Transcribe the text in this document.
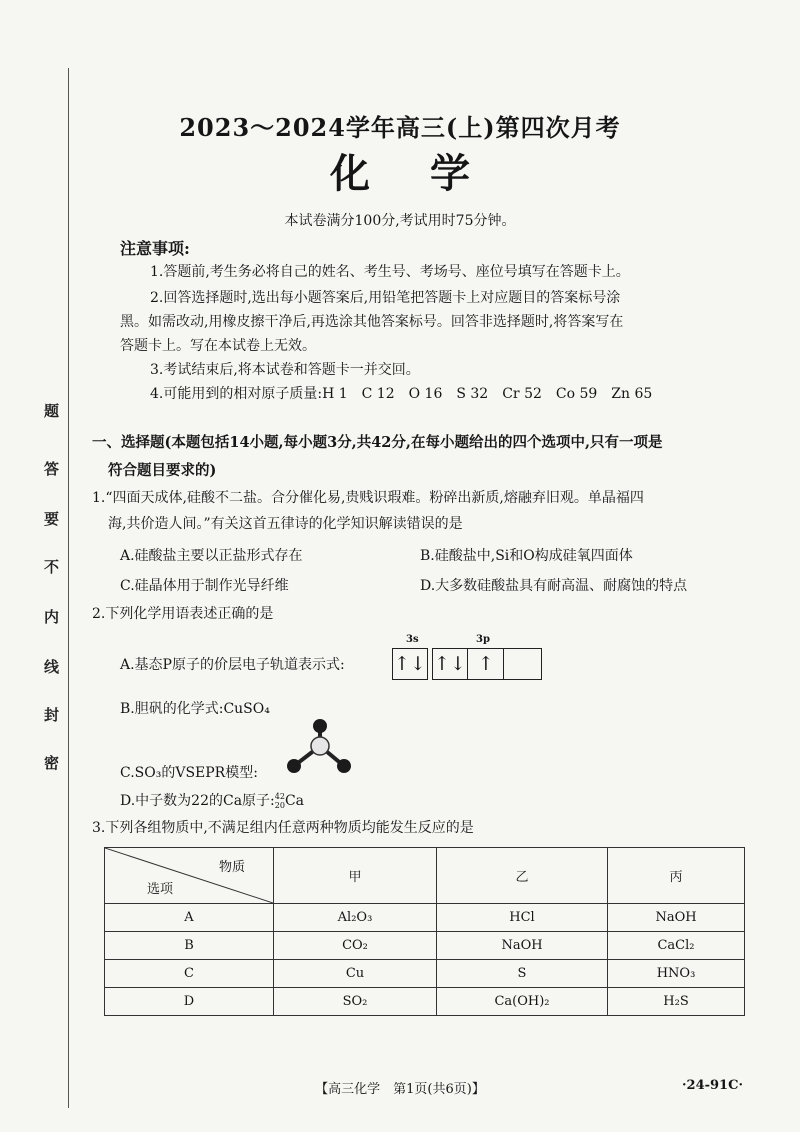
题
答
要
不
内
线
封
密
2023～2024学年高三(上)第四次月考
化学
本试卷满分100分,考试用时75分钟。
注意事项:
1.答题前,考生务必将自己的姓名、考生号、考场号、座位号填写在答题卡上。
2.回答选择题时,选出每小题答案后,用铅笔把答题卡上对应题目的答案标号涂
黑。如需改动,用橡皮擦干净后,再选涂其他答案标号。回答非选择题时,将答案写在
答题卡上。写在本试卷上无效。
3.考试结束后,将本试卷和答题卡一并交回。
4.可能用到的相对原子质量:H 1　C 12　O 16　S 32　Cr 52　Co 59　Zn 65
一、选择题(本题包括14小题,每小题3分,共42分,在每小题给出的四个选项中,只有一项是
符合题目要求的)
1.“四面天成体,硅酸不二盐。合分催化易,贵贱识瑕难。粉碎出新质,熔融弃旧观。单晶福四
海,共价造人间。”有关这首五律诗的化学知识解读错误的是
A.硅酸盐主要以正盐形式存在	B.硅酸盐中,Si和O构成硅氧四面体
C.硅晶体用于制作光导纤维	D.大多数硅酸盐具有耐高温、耐腐蚀的特点
2.下列化学用语表述正确的是
A.基态P原子的价层电子轨道表示式:
3s	3p
↑↓ ↑↓ ↑
B.胆矾的化学式:CuSO₄
C.SO₃的VSEPR模型:
D.中子数为22的Ca原子: 42
20 Ca
3.下列各组物质中,不满足组内任意两种物质均能发生反应的是
物质
选项	甲	乙	丙
A	Al₂O₃	HCl	NaOH
B	CO₂	NaOH	CaCl₂
C	Cu	S	HNO₃
D	SO₂	Ca(OH)₂	H₂S
【高三化学　第1页(共6页)】	·24-91C·
